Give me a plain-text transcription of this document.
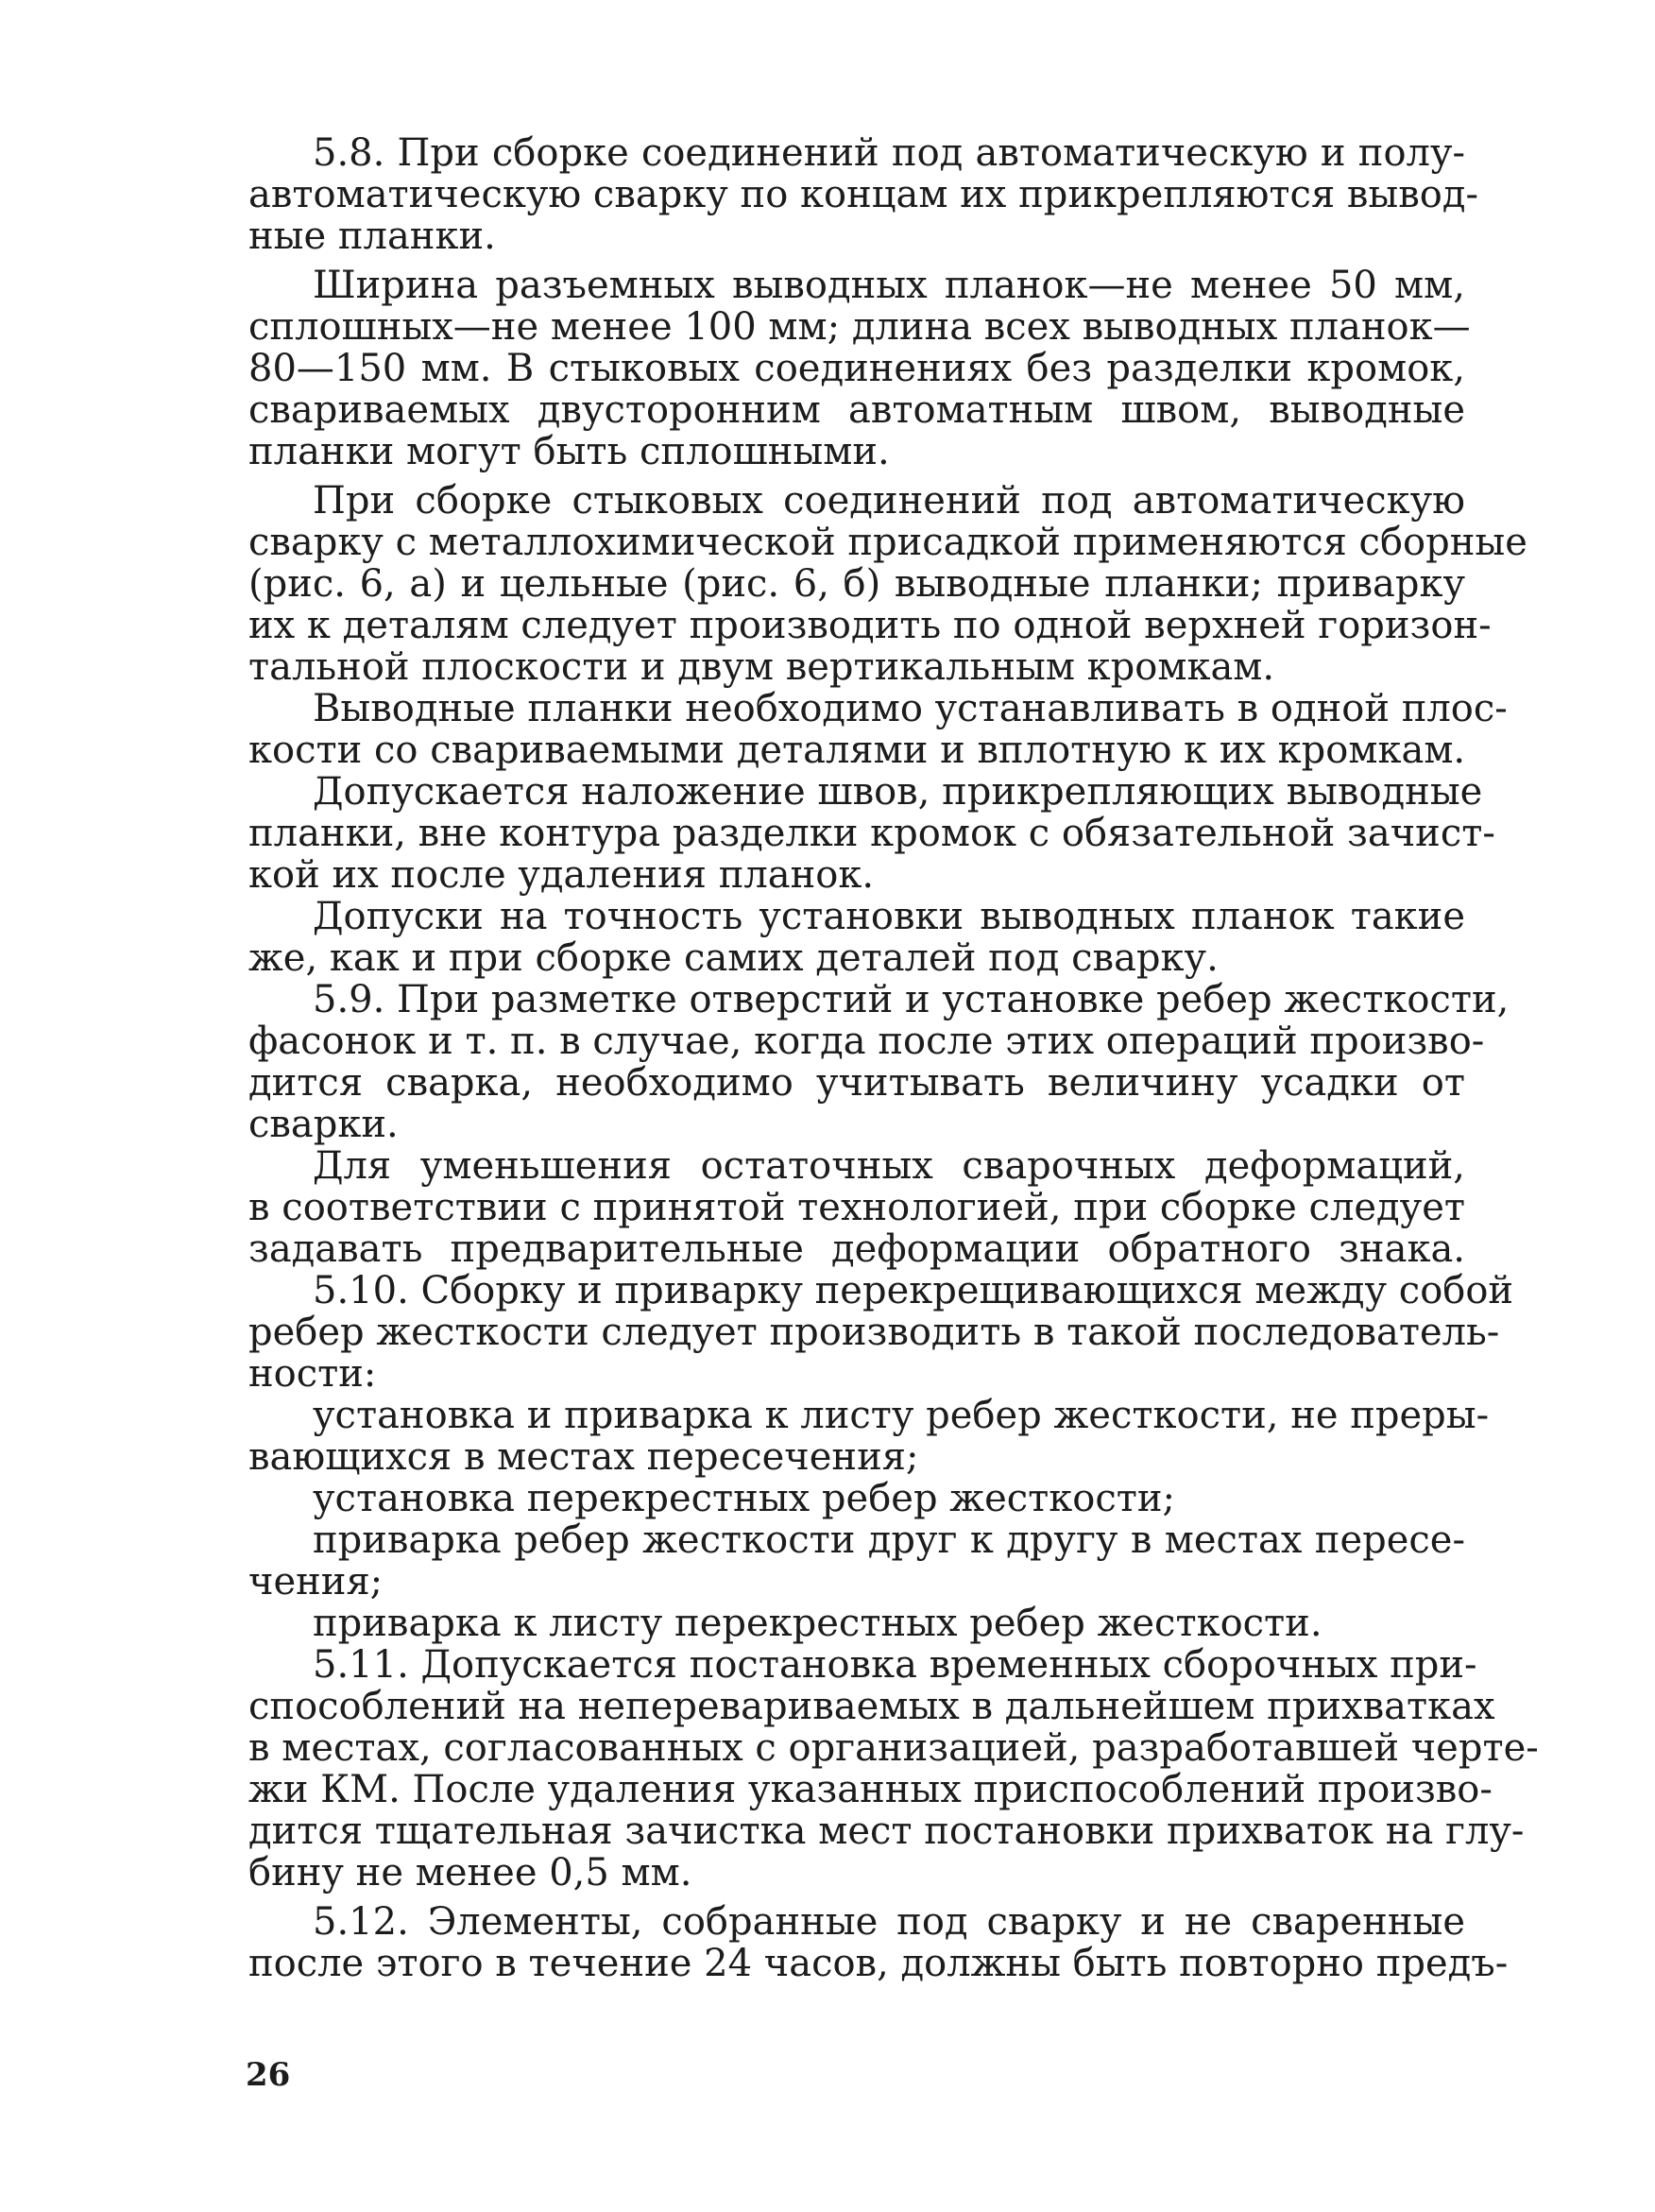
5.8. При сборке соединений под автоматическую и полу-
автоматическую сварку по концам их прикрепляются вывод-
ные планки.
Ширина разъемных выводных планок—не менее 50 мм,
сплошных—не менее 100 мм; длина всех выводных планок—
80—150 мм. В стыковых соединениях без разделки кромок,
свариваемых двусторонним автоматным швом, выводные
планки могут быть сплошными.
При сборке стыковых соединений под автоматическую
сварку с металлохимической присадкой применяются сборные
(рис. 6, а) и цельные (рис. 6, б) выводные планки; приварку
их к деталям следует производить по одной верхней горизон-
тальной плоскости и двум вертикальным кромкам.
Выводные планки необходимо устанавливать в одной плос-
кости со свариваемыми деталями и вплотную к их кромкам.
Допускается наложение швов, прикрепляющих выводные
планки, вне контура разделки кромок с обязательной зачист-
кой их после удаления планок.
Допуски на точность установки выводных планок такие
же, как и при сборке самих деталей под сварку.
5.9. При разметке отверстий и установке ребер жесткости,
фасонок и т. п. в случае, когда после этих операций произво-
дится сварка, необходимо учитывать величину усадки от
сварки.
Для уменьшения остаточных сварочных деформаций,
в соответствии с принятой технологией, при сборке следует
задавать предварительные деформации обратного знака.
5.10. Сборку и приварку перекрещивающихся между собой
ребер жесткости следует производить в такой последователь-
ности:
установка и приварка к листу ребер жесткости, не преры-
вающихся в местах пересечения;
установка перекрестных ребер жесткости;
приварка ребер жесткости друг к другу в местах пересе-
чения;
приварка к листу перекрестных ребер жесткости.
5.11. Допускается постановка временных сборочных при-
способлений на неперевариваемых в дальнейшем прихватках
в местах, согласованных с организацией, разработавшей черте-
жи КМ. После удаления указанных приспособлений произво-
дится тщательная зачистка мест постановки прихваток на глу-
бину не менее 0,5 мм.
5.12. Элементы, собранные под сварку и не сваренные
после этого в течение 24 часов, должны быть повторно предъ-
26
